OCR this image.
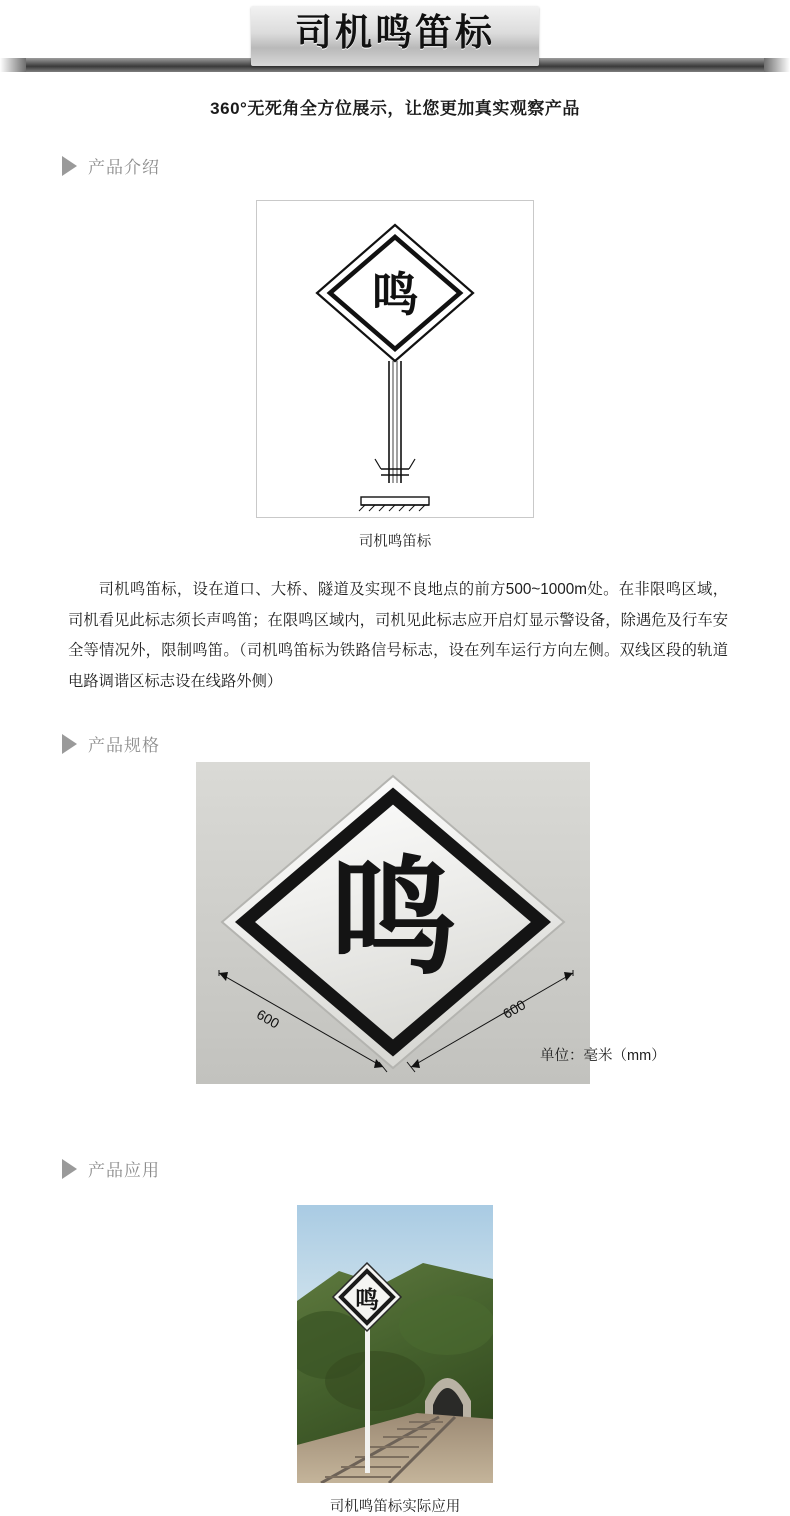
司机鸣笛标
360°无死角全方位展示，让您更加真实观察产品
产品介绍
鸣
司机鸣笛标

司机鸣笛标，设在道口、大桥、隧道及实现不良地点的前方500~1000m处。在非限鸣区域，司机看见此标志须长声鸣笛；在限鸣区域内，司机见此标志应开启灯显示警设备，除遇危及行车安全等情况外，限制鸣笛。（司机鸣笛标为铁路信号标志，设在列车运行方向左侧。双线区段的轨道电路调谐区标志设在线路外侧）

产品规格
鸣
600	600
单位：毫米（mm）
产品应用
鸣
司机鸣笛标实际应用
